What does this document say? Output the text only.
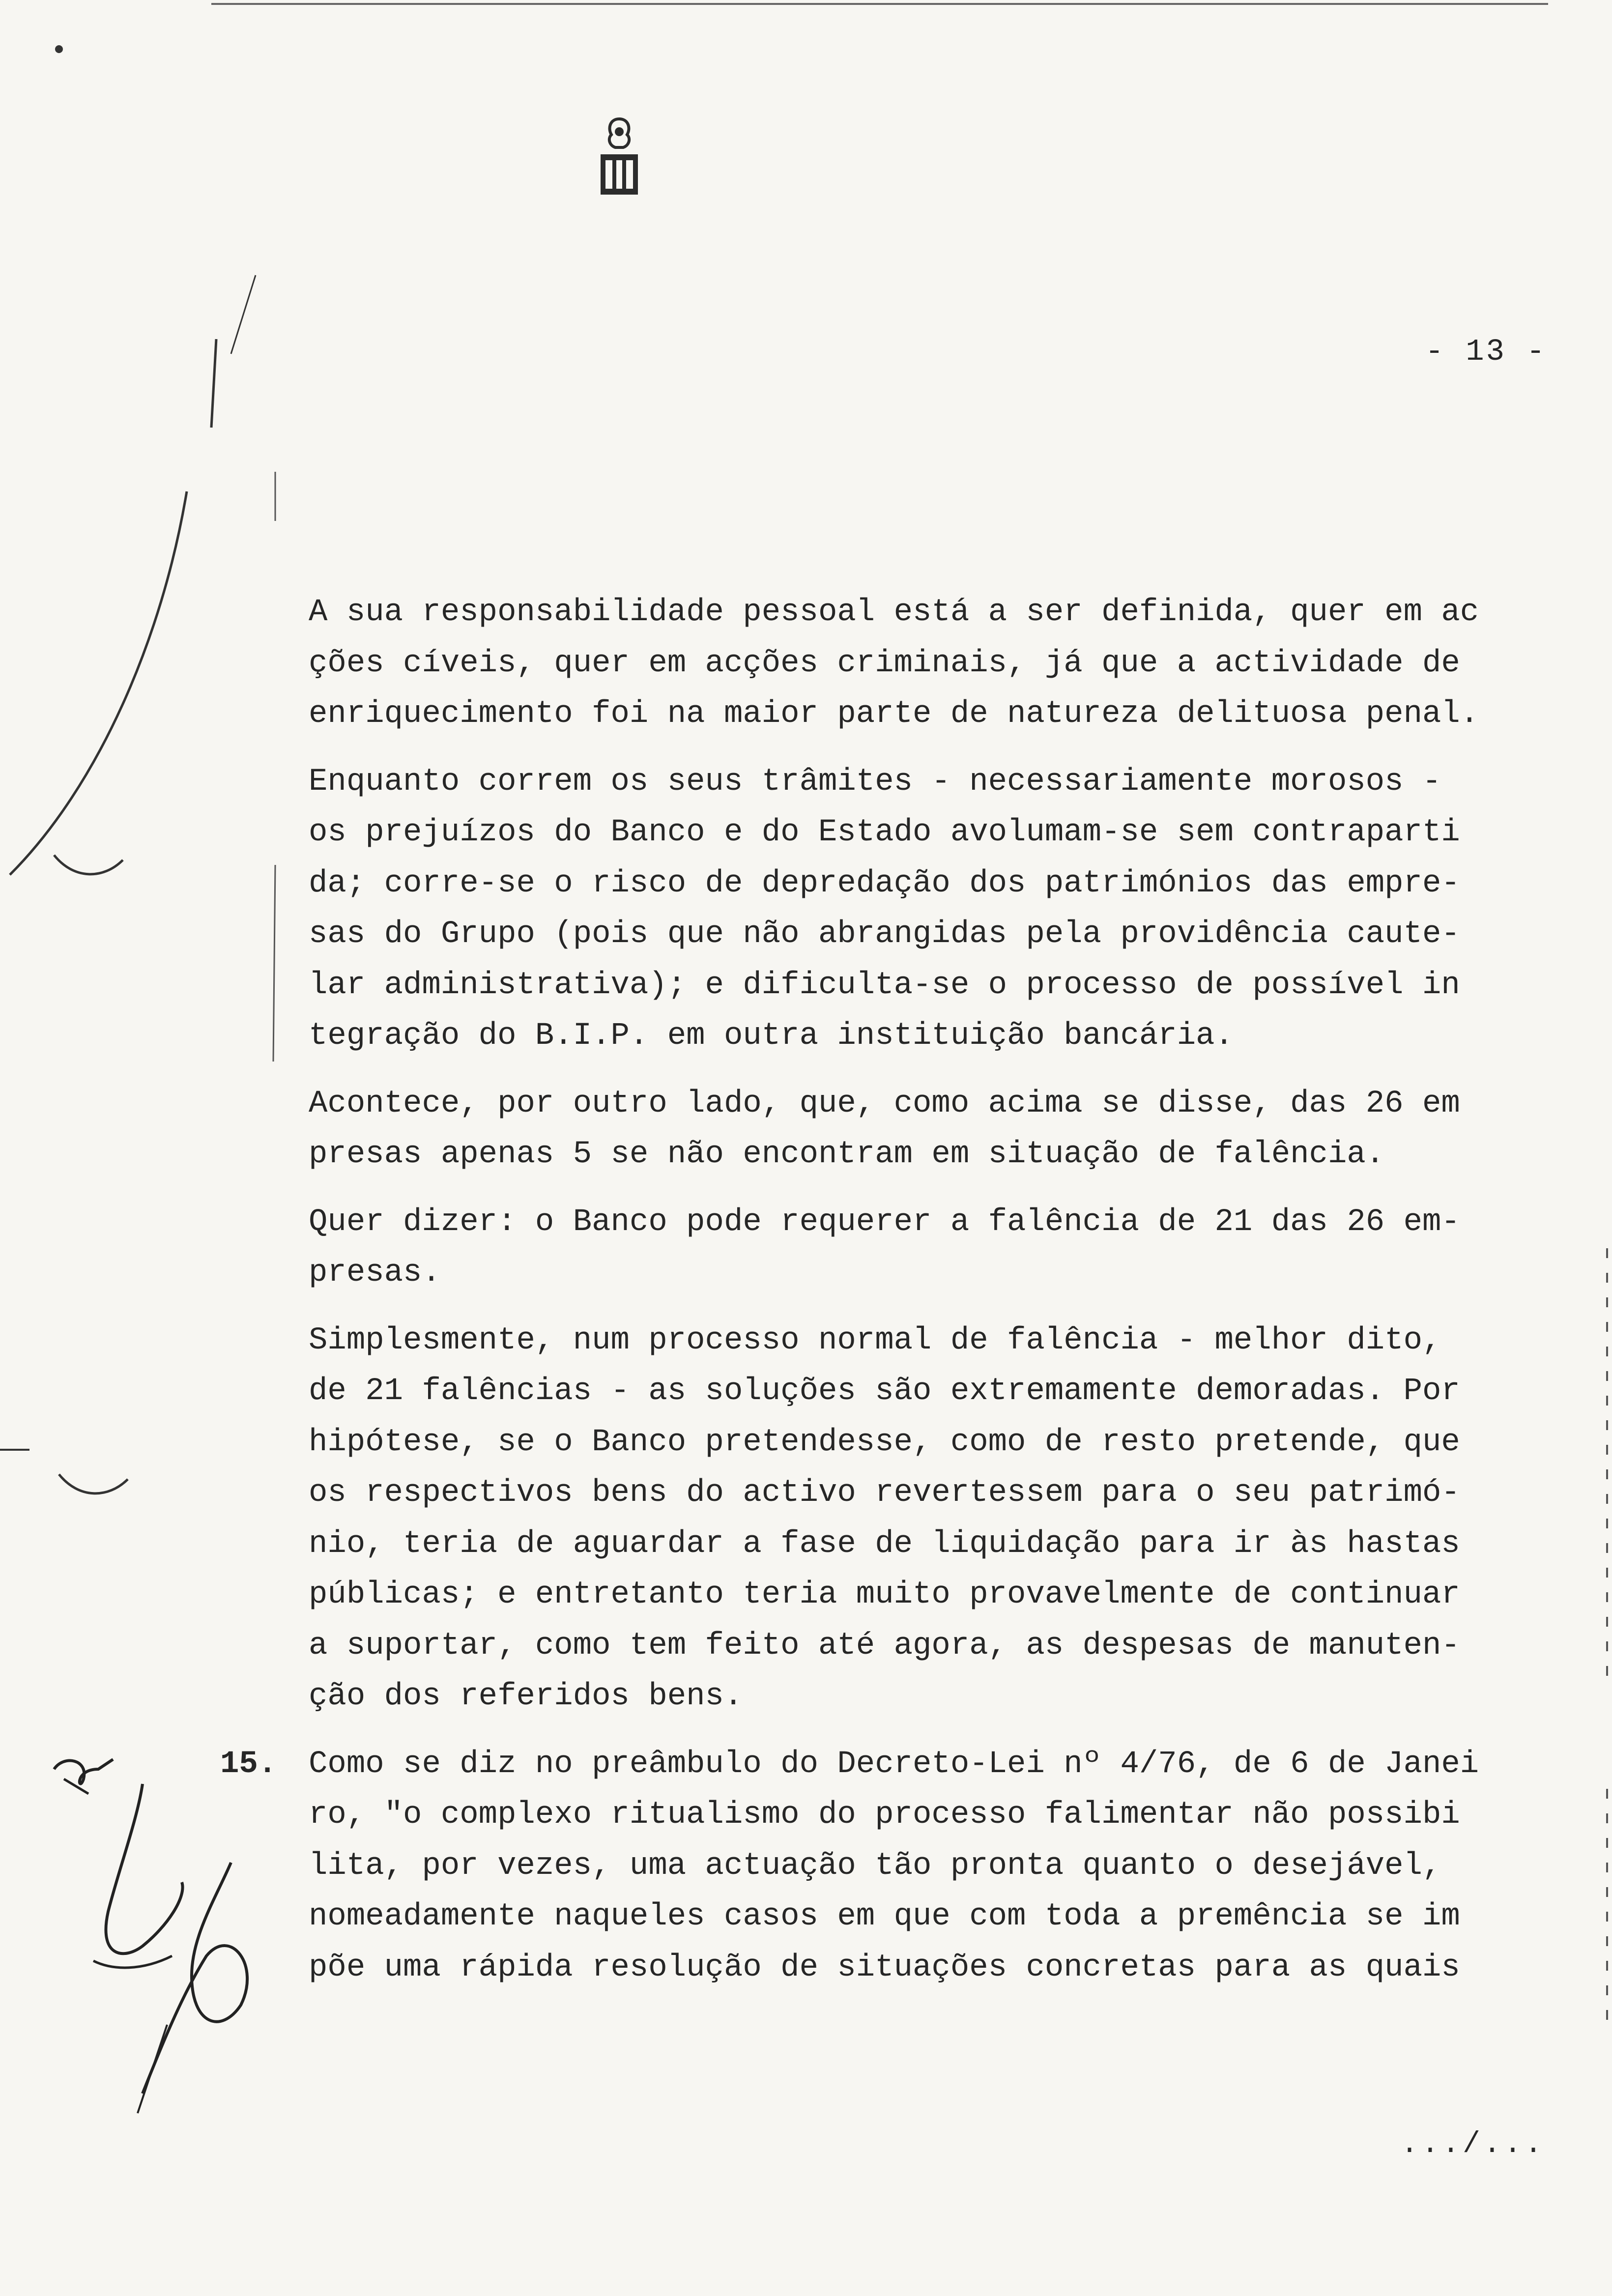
- 13 -
A sua responsabilidade pessoal está a ser definida, quer em ac
ções cíveis, quer em acções criminais, já que a actividade de
enriquecimento foi na maior parte de natureza delituosa penal.
Enquanto correm os seus trâmites - necessariamente morosos -
os prejuízos do Banco e do Estado avolumam-se sem contraparti
da; corre-se o risco de depredação dos patrimónios das empre-
sas do Grupo (pois que não abrangidas pela providência caute-
lar administrativa); e dificulta-se o processo de possível in
tegração do B.I.P. em outra instituição bancária.
Acontece, por outro lado, que, como acima se disse, das 26 em
presas apenas 5 se não encontram em situação de falência.
Quer dizer: o Banco pode requerer a falência de 21 das 26 em-
presas.
Simplesmente, num processo normal de falência - melhor dito,
de 21 falências - as soluções são extremamente demoradas. Por
hipótese, se o Banco pretendesse, como de resto pretende, que
os respectivos bens do activo revertessem para o seu patrimó-
nio, teria de aguardar a fase de liquidação para ir às hastas
públicas; e entretanto teria muito provavelmente de continuar
a suportar, como tem feito até agora, as despesas de manuten-
ção dos referidos bens.
15. Como se diz no preâmbulo do Decreto-Lei nº 4/76, de 6 de Janei
ro, "o complexo ritualismo do processo falimentar não possibi
lita, por vezes, uma actuação tão pronta quanto o desejável,
nomeadamente naqueles casos em que com toda a premência se im
põe uma rápida resolução de situações concretas para as quais
.../...
